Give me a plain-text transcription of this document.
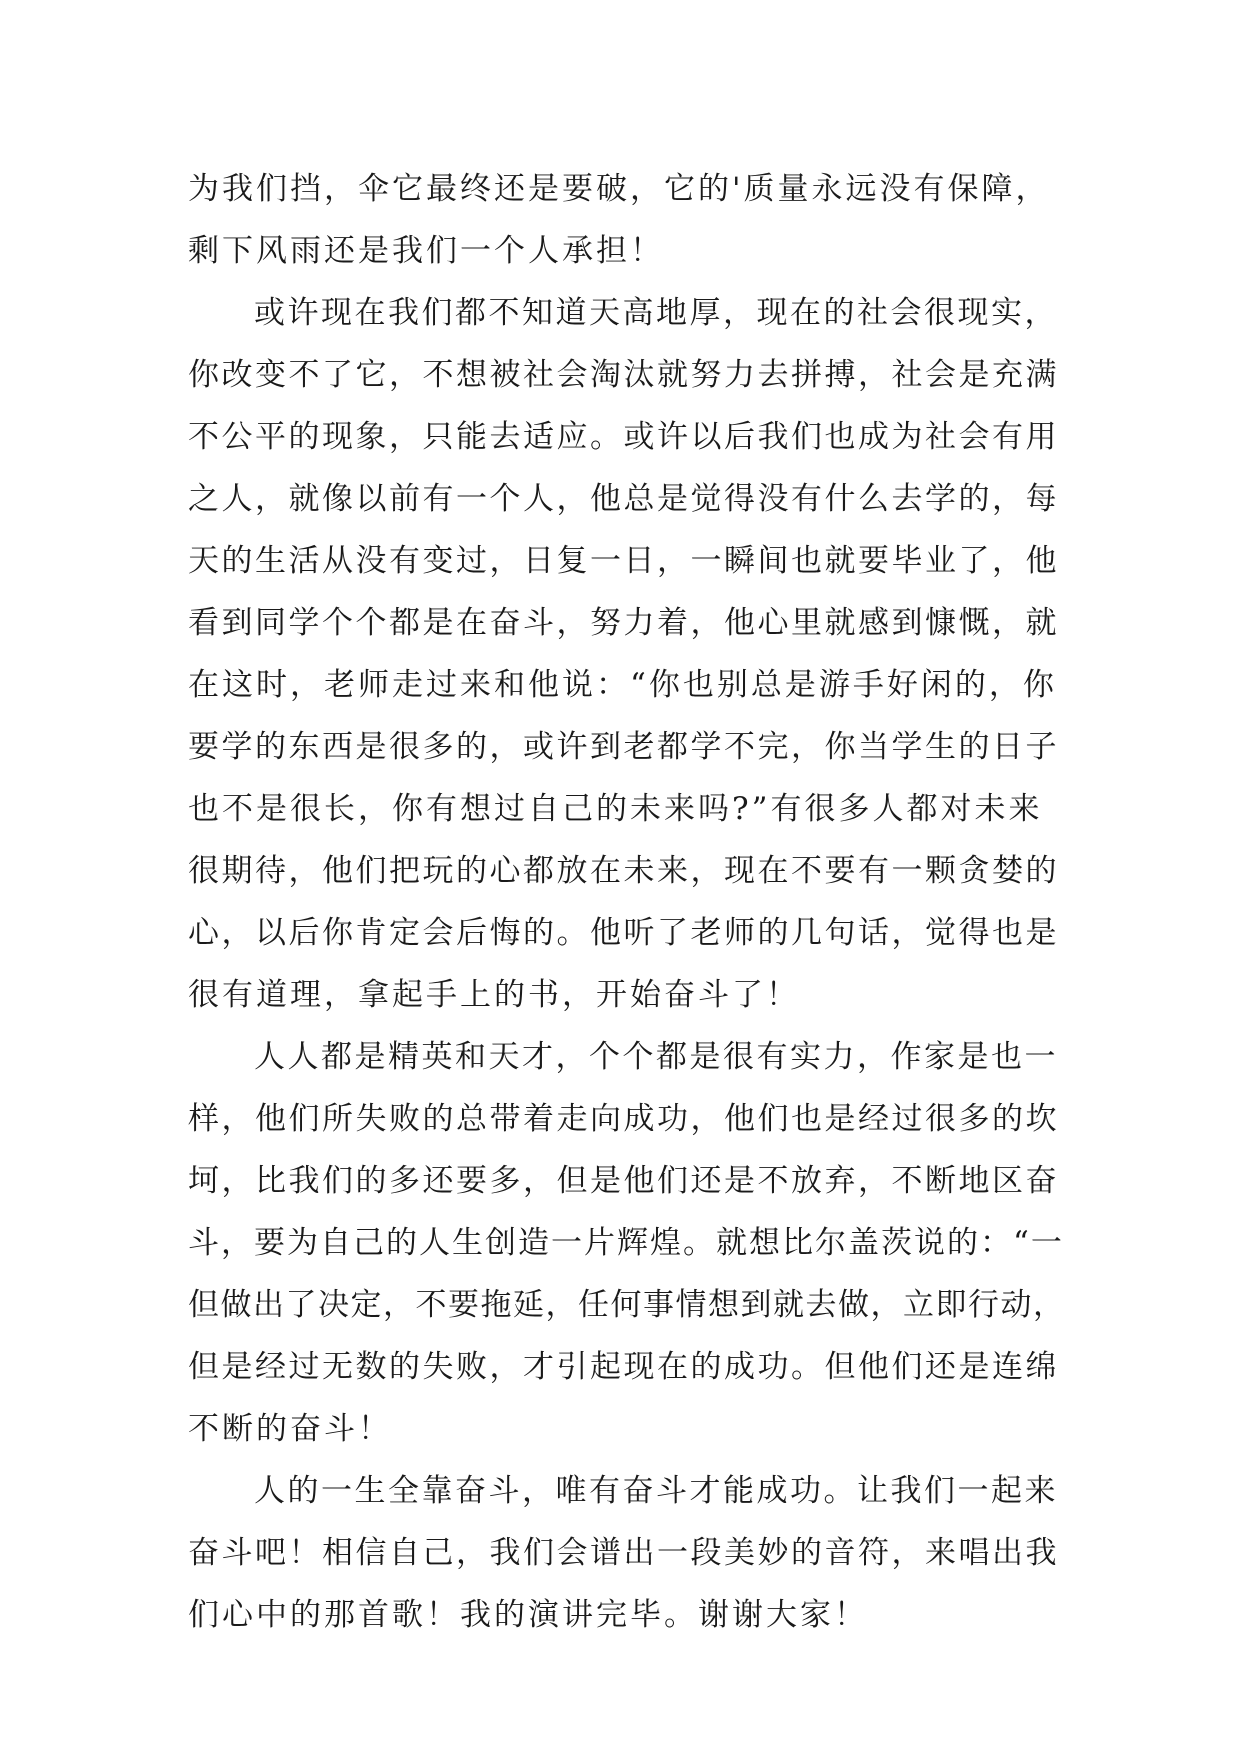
为我们挡，伞它最终还是要破，它的'质量永远没有保障，
剩下风雨还是我们一个人承担！
或许现在我们都不知道天高地厚，现在的社会很现实，
你改变不了它，不想被社会淘汰就努力去拼搏，社会是充满
不公平的现象，只能去适应。或许以后我们也成为社会有用
之人，就像以前有一个人，他总是觉得没有什么去学的，每
天的生活从没有变过，日复一日，一瞬间也就要毕业了，他
看到同学个个都是在奋斗，努力着，他心里就感到慷慨，就
在这时，老师走过来和他说：“你也别总是游手好闲的，你
要学的东西是很多的，或许到老都学不完，你当学生的日子
也不是很长，你有想过自己的未来吗?”有很多人都对未来
很期待，他们把玩的心都放在未来，现在不要有一颗贪婪的
心，以后你肯定会后悔的。他听了老师的几句话，觉得也是
很有道理，拿起手上的书，开始奋斗了！
人人都是精英和天才，个个都是很有实力，作家是也一
样，他们所失败的总带着走向成功，他们也是经过很多的坎
坷，比我们的多还要多，但是他们还是不放弃，不断地区奋
斗，要为自己的人生创造一片辉煌。就想比尔盖茨说的：“一
但做出了决定，不要拖延，任何事情想到就去做，立即行动，
但是经过无数的失败，才引起现在的成功。但他们还是连绵
不断的奋斗！
人的一生全靠奋斗，唯有奋斗才能成功。让我们一起来
奋斗吧！相信自己，我们会谱出一段美妙的音符，来唱出我
们心中的那首歌！我的演讲完毕。谢谢大家！
